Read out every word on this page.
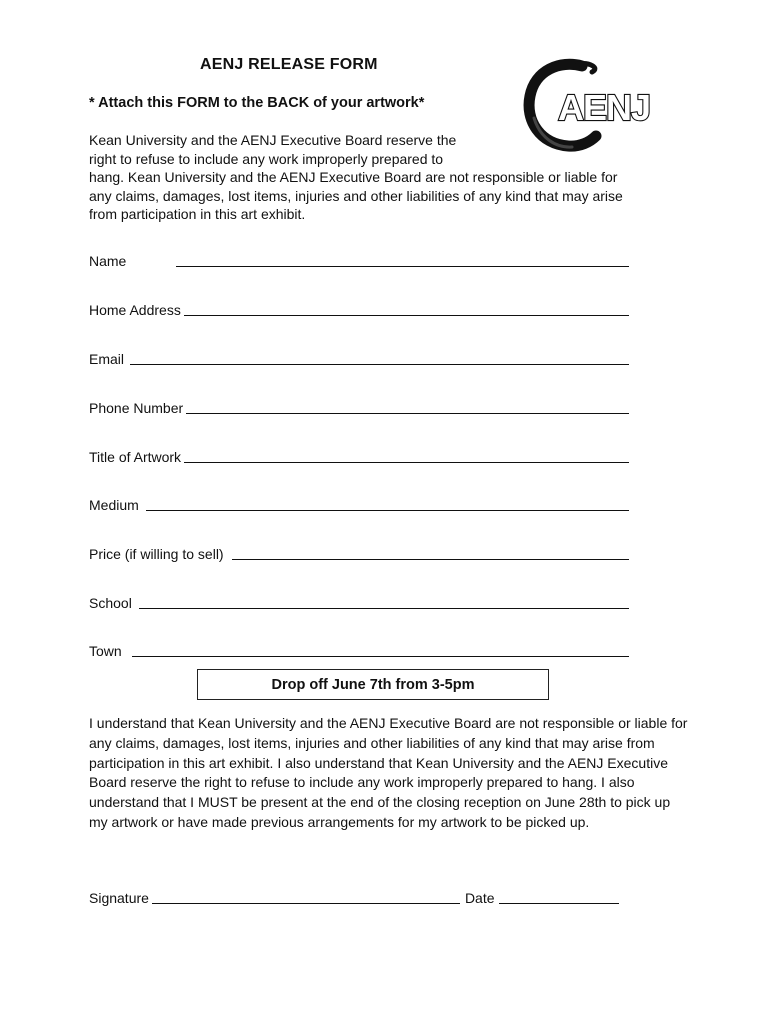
AENJ RELEASE FORM
* Attach this FORM to the BACK of your artwork*

Kean University and the AENJ Executive Board reserve the

right to refuse to include any work improperly prepared to

hang. Kean University and the AENJ Executive Board are not responsible or liable for

any claims, damages, lost items, injuries and other liabilities of any kind that may arise

from participation in this art exhibit.

AENJ
Name
Home Address
Email
Phone Number
Title of Artwork
Medium
Price (if willing to sell)
School
Town
Drop off June 7th from 3-5pm
I understand that Kean University and the AENJ Executive Board are not responsible or liable for any claims, damages, lost items, injuries and other liabilities of any kind that may arise from participation in this art exhibit. I also understand that Kean University and the AENJ Executive Board reserve the right to refuse to include any work improperly prepared to hang. I also understand that I MUST be present at the end of the closing reception on June 28th to pick up my artwork or have made previous arrangements for my artwork to be picked up.
Signature	Date
